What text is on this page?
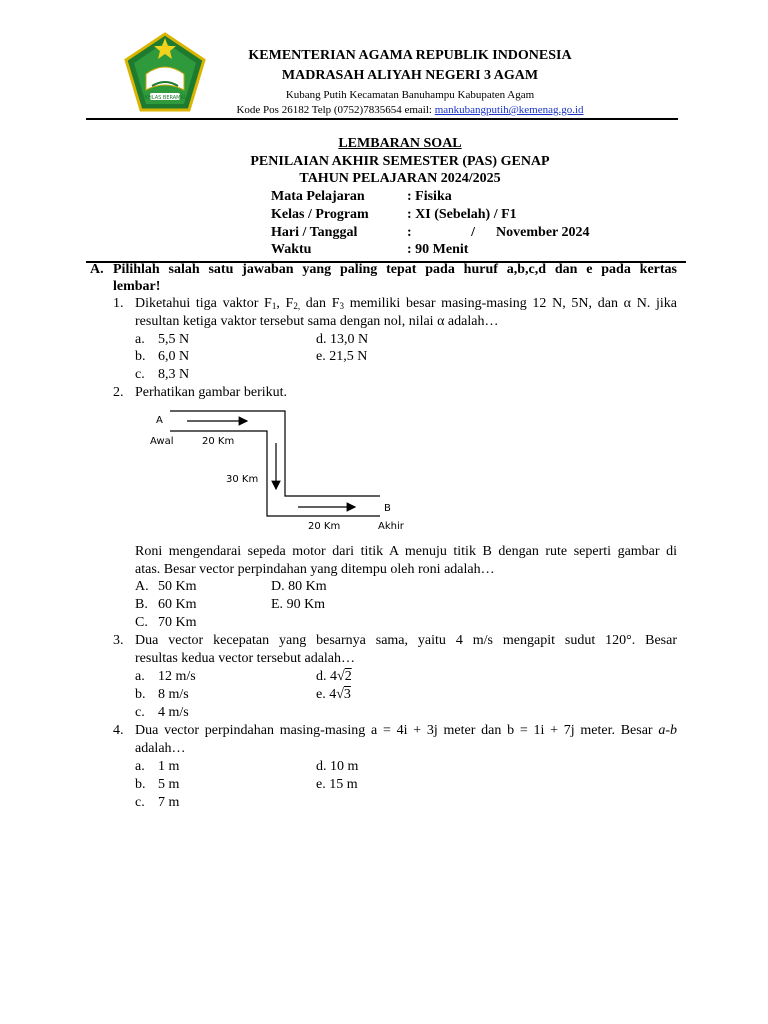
IKHLAS BERAMAL
KEMENTERIAN AGAMA REPUBLIK INDONESIA
MADRASAH ALIYAH NEGERI 3 AGAM
Kubang Putih Kecamatan Banuhampu Kabupaten Agam
Kode Pos 26182 Telp (0752)7835654 email: mankubangputih@kemenag.go.id
LEMBARAN SOAL
PENILAIAN AKHIR SEMESTER (PAS) GENAP
TAHUN PELAJARAN 2024/2025
Mata Pelajaran	: Fisika
Kelas / Program	: XI (Sebelah) / F1
Hari / Tanggal	:                 /      November 2024
Waktu	: 90 Menit
A. Pilihlah salah satu jawaban yang paling tepat pada huruf a,b,c,d dan e pada kertas
lembar!
1. Diketahui tiga vaktor $F_1$, $F_{2,}$ dan $F_3$ memiliki besar masing-masing 12 N, 5N, dan α N. jika
resultan ketiga vaktor tersebut sama dengan nol, nilai α adalah…
a. 5,5 N
b. 6,0 N
c. 8,3 N
d. 13,0 N
e. 21,5 N
2. Perhatikan gambar berikut.
A
Awal	20 Km
30 Km
B
20 Km	Akhir
Roni mengendarai sepeda motor dari titik A menuju titik B dengan rute seperti gambar di
atas. Besar vector perpindahan yang ditempu oleh roni adalah…
A. 50 Km
B. 60 Km
C. 70 Km
D. 80 Km
E. 90 Km
3. Dua vector kecepatan yang besarnya sama, yaitu 4 m/s mengapit sudut 120°. Besar
resultas kedua vector tersebut adalah…
a. 12 m/s
b. 8 m/s
c. 4 m/s
d. 4√2
e. 4√3
4. Dua vector perpindahan masing-masing a = 4i + 3j meter dan b = 1i + 7j meter. Besar a-b
adalah…
a. 1 m
b. 5 m
c. 7 m
d. 10 m
e. 15 m
